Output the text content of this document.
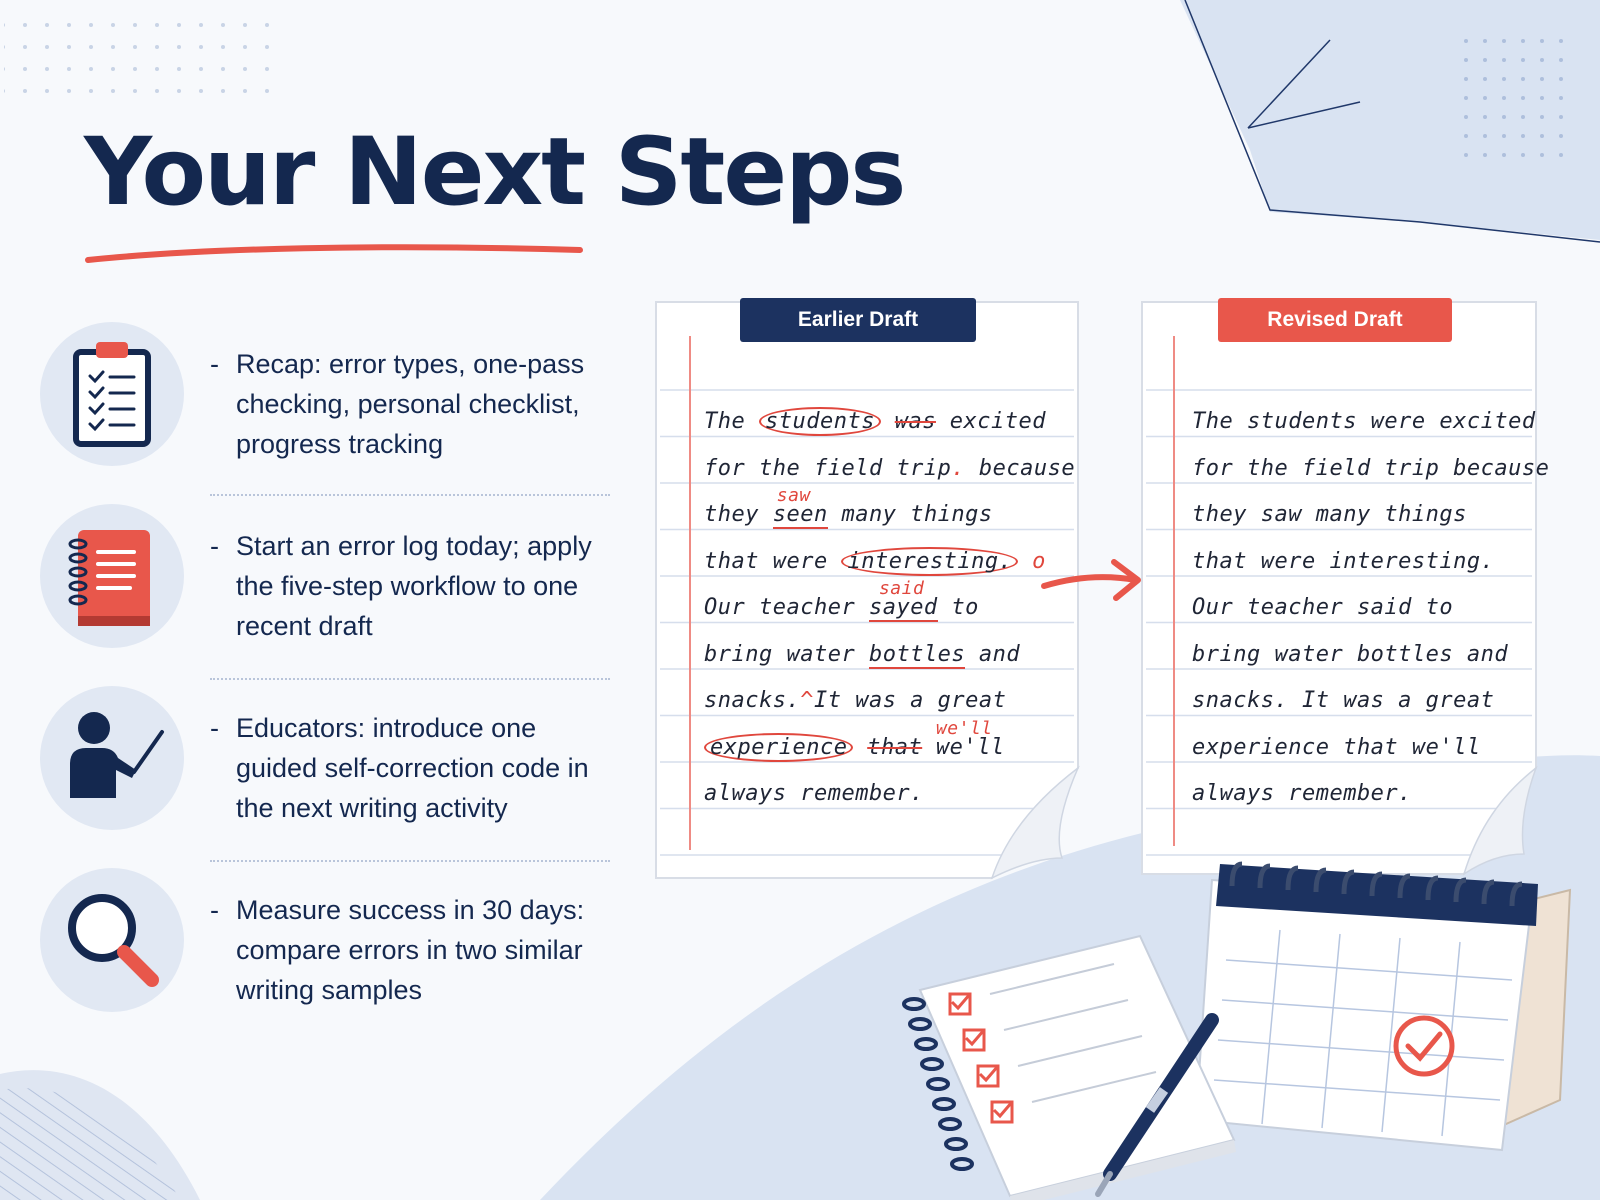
Your Next Steps
- Recap: error types, one-pass checking, personal checklist, progress tracking
- Start an error log today; apply the five-step workflow to one recent draft
- Educators: introduce one guided self-correction code in the next writing activity
- Measure success in 30 days: compare errors in two similar writing samples
Earlier Draft
The students was excited
for the field trip. because
they seen
saw
many things
that were interesting. o
Our teacher sayed
said
to
bring water bottles and
snacks.^It was a great
experience that we'll
we'll
always remember.
Revised Draft
The students were excited
for the field trip because
they saw many things
that were interesting.
Our teacher said to
bring water bottles and
snacks. It was a great
experience that we'll
always remember.
